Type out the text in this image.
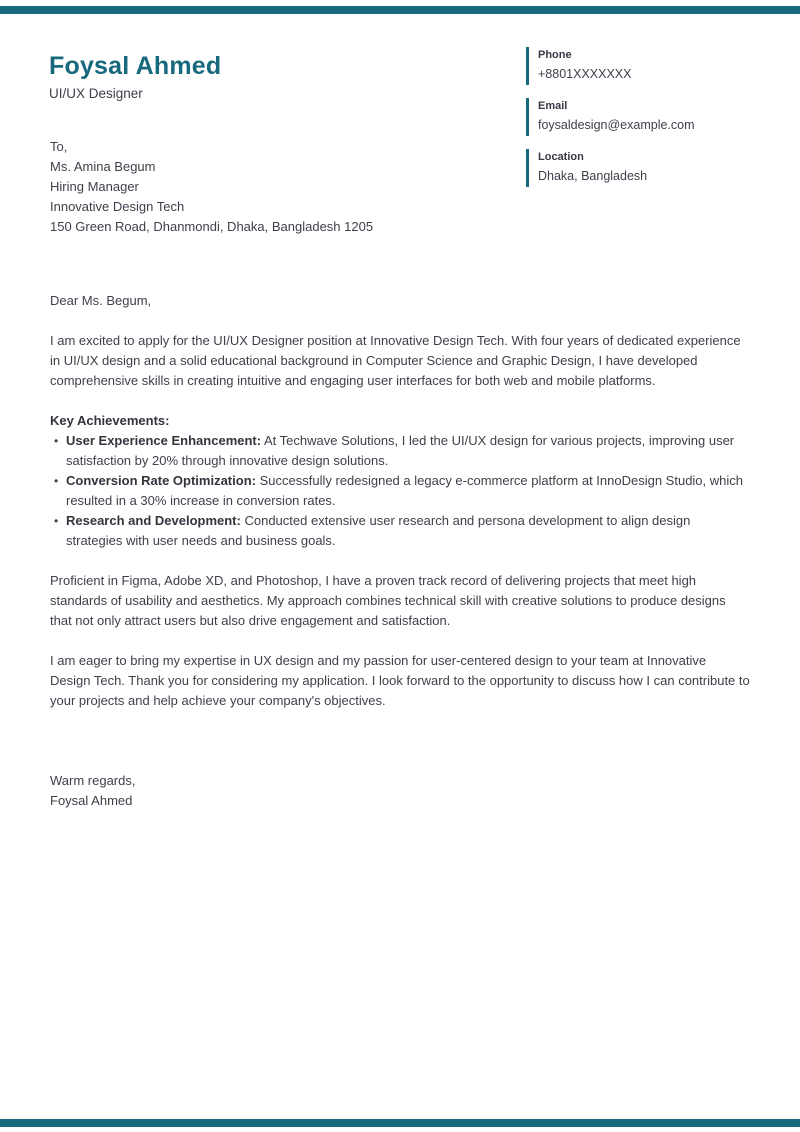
Foysal Ahmed
UI/UX Designer
Phone
+8801XXXXXXX
Email
foysaldesign@example.com
Location
Dhaka, Bangladesh
To,
Ms. Amina Begum
Hiring Manager
Innovative Design Tech
150 Green Road, Dhanmondi, Dhaka, Bangladesh 1205

Dear Ms. Begum,

I am excited to apply for the UI/UX Designer position at Innovative Design Tech. With four years of dedicated experience in UI/UX design and a solid educational background in Computer Science and Graphic Design, I have developed comprehensive skills in creating intuitive and engaging user interfaces for both web and mobile platforms.

Key Achievements:

• User Experience Enhancement: At Techwave Solutions, I led the UI/UX design for various projects, improving user satisfaction by 20% through innovative design solutions.
• Conversion Rate Optimization: Successfully redesigned a legacy e-commerce platform at InnoDesign Studio, which resulted in a 30% increase in conversion rates.
• Research and Development: Conducted extensive user research and persona development to align design strategies with user needs and business goals.

Proficient in Figma, Adobe XD, and Photoshop, I have a proven track record of delivering projects that meet high standards of usability and aesthetics. My approach combines technical skill with creative solutions to produce designs that not only attract users but also drive engagement and satisfaction.

I am eager to bring my expertise in UX design and my passion for user-centered design to your team at Innovative Design Tech. Thank you for considering my application. I look forward to the opportunity to discuss how I can contribute to your projects and help achieve your company's objectives.

Warm regards,
Foysal Ahmed
